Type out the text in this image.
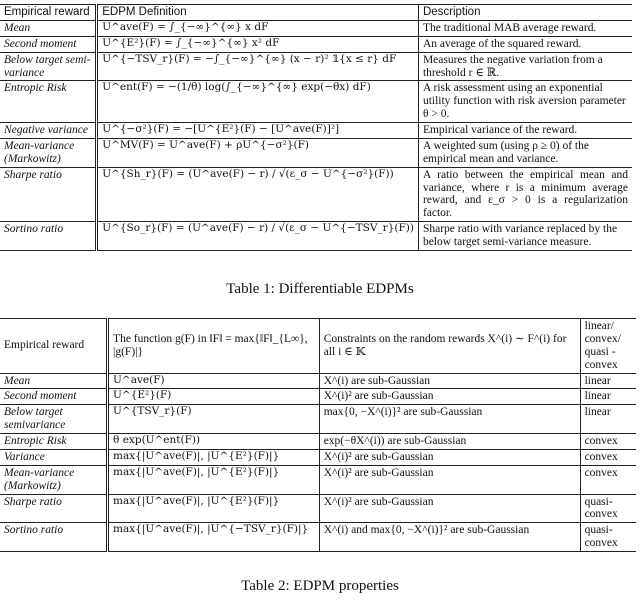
Empirical reward	EDPM Definition	Description
Mean	U^ave(F) = ∫_{−∞}^{∞} x dF	The traditional MAB average reward.
Second moment	U^{E²}(F) = ∫_{−∞}^{∞} x² dF	An average of the squared reward.
Below target semi-variance	U^{−TSV_r}(F) = −∫_{−∞}^{∞} (x − r)² 𝟙{x ≤ r} dF	Measures the negative variation from a threshold r ∈ ℝ.
Entropic Risk	U^ent(F) = −(1/θ) log(∫_{−∞}^{∞} exp(−θx) dF)	A risk assessment using an exponential utility function with risk aversion parameter θ > 0.
Negative variance	U^{−σ²}(F) = −[U^{E²}(F) − [U^ave(F)]²]	Empirical variance of the reward.
Mean-variance (Markowitz)	U^MV(F) = U^ave(F) + ρU^{−σ²}(F)	A weighted sum (using ρ ≥ 0) of the empirical mean and variance.
Sharpe ratio	U^{Sh_r}(F) = (U^ave(F) − r) / √(ε_σ − U^{−σ²}(F))	A ratio between the empirical mean and variance, where r is a minimum average reward, and ε_σ > 0 is a regularization factor.
Sortino ratio	U^{So_r}(F) = (U^ave(F) − r) / √(ε_σ − U^{−TSV_r}(F))	Sharpe ratio with variance replaced by the below target semi-variance measure.
Table 1: Differentiable EDPMs
Empirical reward	The function g(F) in ‖F‖ = max{‖F‖_{L∞}, |g(F)|}	Constraints on the random rewards X^(i) ∼ F^(i) for all i ∈ 𝕂	linear/ convex/ quasi -convex
Mean	U^ave(F)	X^(i) are sub-Gaussian	linear
Second moment	U^{E²}(F)	X^(i)² are sub-Gaussian	linear
Below target semivariance	U^{TSV_r}(F)	max{0, −X^(i)}² are sub-Gaussian	linear
Entropic Risk	θ exp(U^ent(F))	exp(−θX^(i)) are sub-Gaussian	convex
Variance	max{|U^ave(F)|, |U^{E²}(F)|}	X^(i)² are sub-Gaussian	convex
Mean-variance (Markowitz)	max{|U^ave(F)|, |U^{E²}(F)|}	X^(i)² are sub-Gaussian	convex
Sharpe ratio	max{|U^ave(F)|, |U^{E²}(F)|}	X^(i)² are sub-Gaussian	quasi- convex
Sortino ratio	max{|U^ave(F)|, |U^{−TSV_r}(F)|}	X^(i) and max{0, −X^(i)}² are sub-Gaussian	quasi- convex
Table 2: EDPM properties
